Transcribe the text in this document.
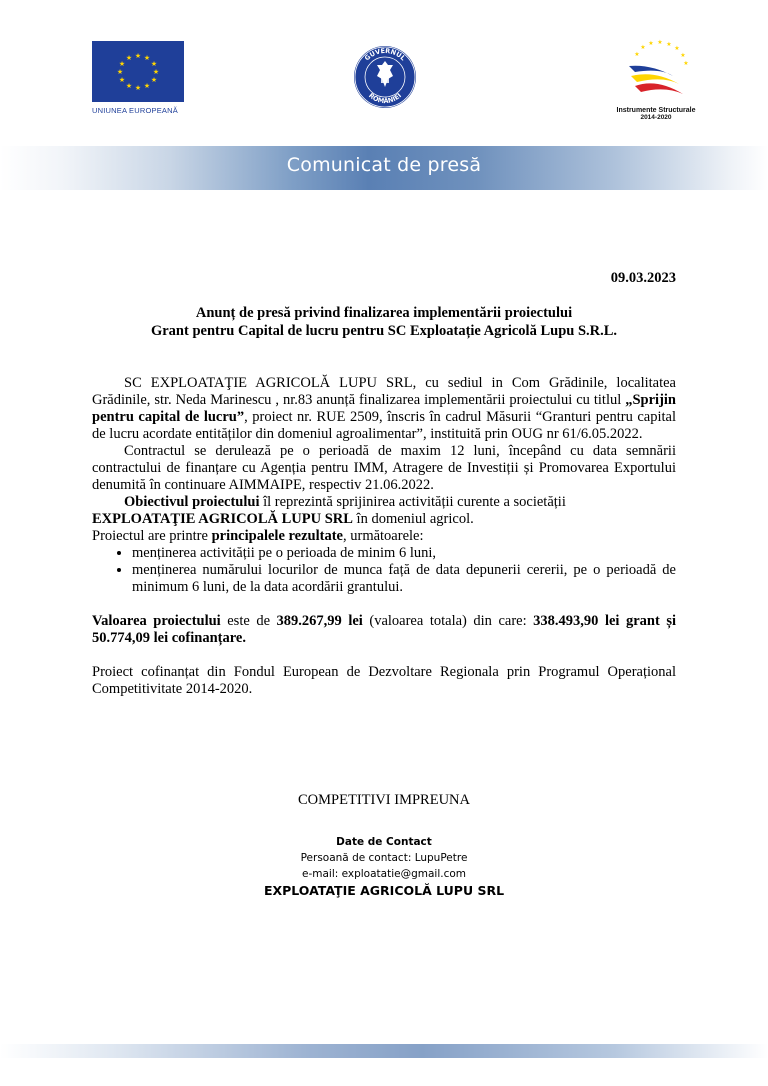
★ ★
★
★
★
★
★
★
★
★
★
★
UNIUNEA EUROPEANĂ
GUVERNUL
ROMÂNIEI
★
★
★ ★ ★
★
★
★
Instrumente Structurale
2014-2020
Comunicat de presă
09.03.2023
Anunț de presă privind finalizarea implementării proiectului
Grant pentru Capital de lucru pentru SC Exploatație Agricolă Lupu S.R.L.

SC EXPLOATAŢIE AGRICOLĂ LUPU SRL, cu sediul in Com Grădinile, localitatea Grădinile, str. Neda Marinescu , nr.83 anunță finalizarea implementării proiectului cu titlul „Sprijin pentru capital de lucru”, proiect nr. RUE 2509, înscris în cadrul Măsurii “Granturi pentru capital de lucru acordate entităților din domeniul agroalimentar”, instituită prin OUG nr 61/6.05.2022.

Contractul se derulează pe o perioadă de maxim 12 luni, începând cu data semnării contractului de finanțare cu Agenția pentru IMM, Atragere de Investiții și Promovarea Exportului denumită în continuare AIMMAIPE, respectiv 21.06.2022.

Obiectivul proiectului îl reprezintă sprijinirea activității curente a societății

EXPLOATAŢIE AGRICOLĂ LUPU SRL în domeniul agricol.

Proiectul are printre principalele rezultate, următoarele:

• menținerea activității pe o perioada de minim 6 luni,
• menținerea numărului locurilor de munca față de data depunerii cererii, pe o perioadă de minimum 6 luni, de la data acordării grantului.

Valoarea proiectului este de 389.267,99 lei (valoarea totala) din care: 338.493,90 lei grant și 50.774,09 lei cofinanțare.

Proiect cofinanțat din Fondul European de Dezvoltare Regionala prin Programul Operațional Competitivitate 2014-2020.

COMPETITIVI IMPREUNA
Date de Contact
Persoană de contact: LupuPetre
e-mail: exploatatie@gmail.com
EXPLOATAŢIE AGRICOLĂ LUPU SRL
